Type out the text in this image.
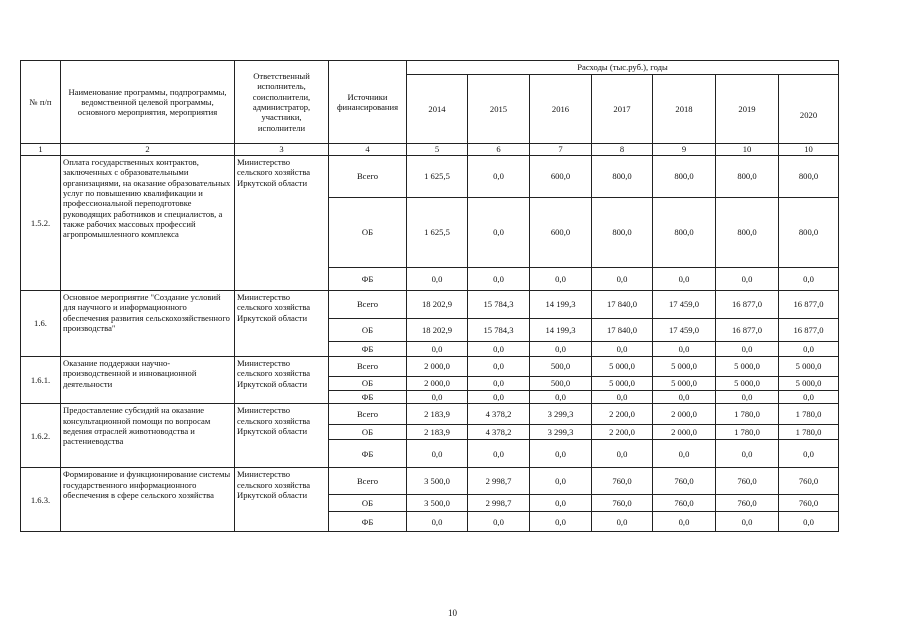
№ п/п	Наименование программы, подпрограммы, ведомственной целевой программы, основного мероприятия, мероприятия	Ответственный исполнитель, соисполнители, администратор, участники, исполнители	Источники финансирования	Расходы (тыс.руб.), годы						
				2014	2015	2016	2017	2018	2019	2020
1	2	3	4	5	6	7	8	9	10	10
1.5.2.	Оплата государственных контрактов, заключенных с образовательными организациями, на оказание образовательных услуг по повышению квалификации и профессиональной переподготовке руководящих работников и специалистов, а также рабочих массовых профессий агропромышленного комплекса	Министерство сельского хозяйства Иркутской области	Всего	1 625,5	0,0	600,0	800,0	800,0	800,0	800,0
			ОБ	1 625,5	0,0	600,0	800,0	800,0	800,0	800,0
			ФБ	0,0	0,0	0,0	0,0	0,0	0,0	0,0
1.6.	Основное мероприятие "Создание условий для научного и информационного обеспечения развития сельскохозяйственного производства"	Министерство сельского хозяйства Иркутской области	Всего	18 202,9	15 784,3	14 199,3	17 840,0	17 459,0	16 877,0	16 877,0
			ОБ	18 202,9	15 784,3	14 199,3	17 840,0	17 459,0	16 877,0	16 877,0
			ФБ	0,0	0,0	0,0	0,0	0,0	0,0	0,0
1.6.1.	Оказание поддержки научно-производственной и инновационной деятельности	Министерство сельского хозяйства Иркутской области	Всего	2 000,0	0,0	500,0	5 000,0	5 000,0	5 000,0	5 000,0
			ОБ	2 000,0	0,0	500,0	5 000,0	5 000,0	5 000,0	5 000,0
			ФБ	0,0	0,0	0,0	0,0	0,0	0,0	0,0
1.6.2.	Предоставление субсидий на оказание консультационной помощи по вопросам ведения отраслей животноводства и растениеводства	Министерство сельского хозяйства Иркутской области	Всего	2 183,9	4 378,2	3 299,3	2 200,0	2 000,0	1 780,0	1 780,0
			ОБ	2 183,9	4 378,2	3 299,3	2 200,0	2 000,0	1 780,0	1 780,0
			ФБ	0,0	0,0	0,0	0,0	0,0	0,0	0,0
1.6.3.	Формирование и функционирование системы государственного информационного обеспечения в сфере сельского хозяйства	Министерство сельского хозяйства Иркутской области	Всего	3 500,0	2 998,7	0,0	760,0	760,0	760,0	760,0
			ОБ	3 500,0	2 998,7	0,0	760,0	760,0	760,0	760,0
			ФБ	0,0	0,0	0,0	0,0	0,0	0,0	0,0
10
